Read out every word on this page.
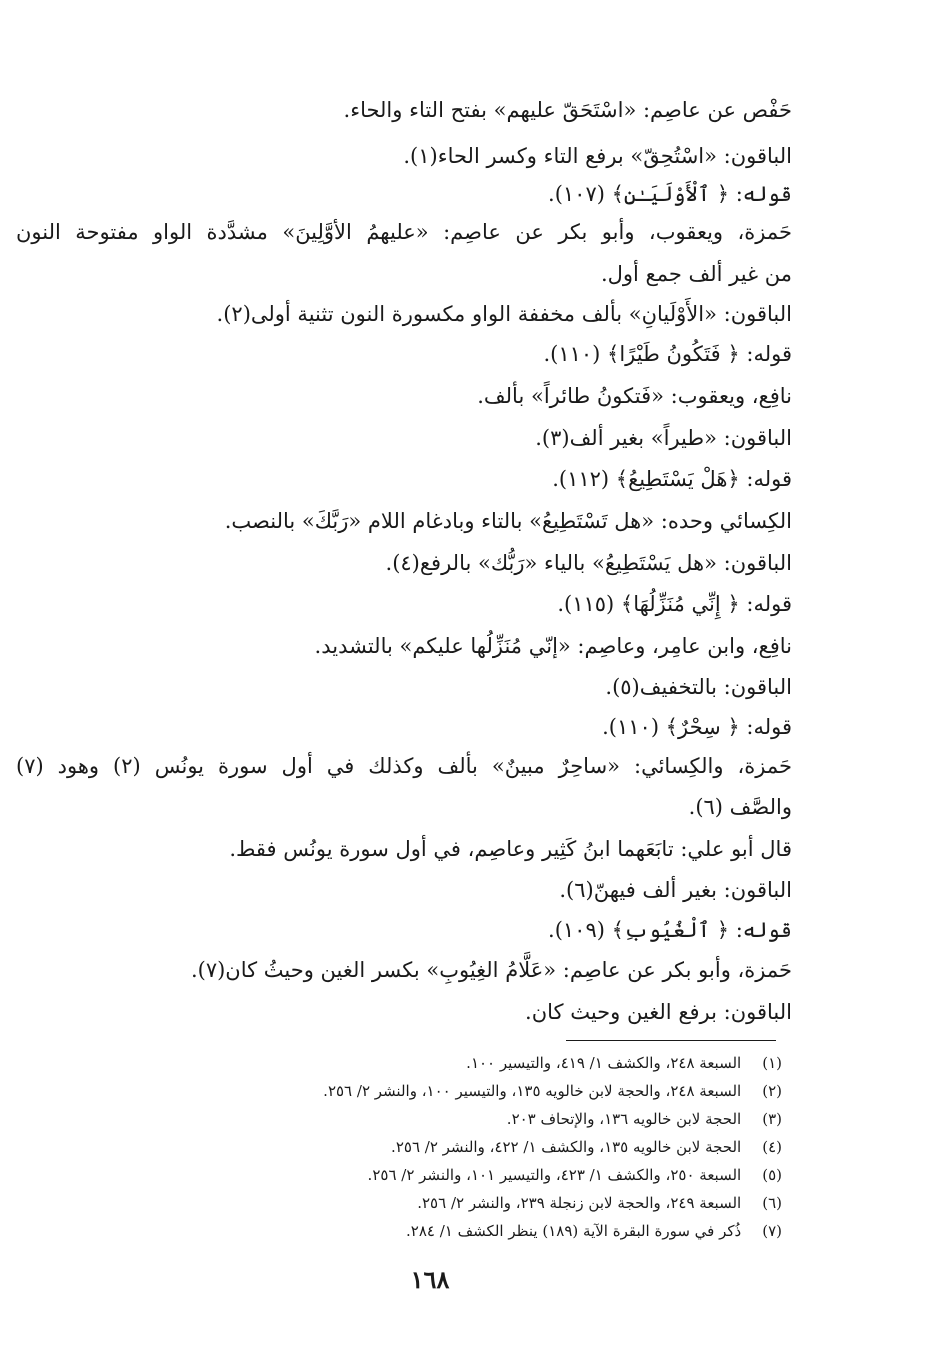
حَفْص عن عاصِم: «اسْتَحَقّ عليهم» بفتح التاء والحاء.
الباقون: «اسْتُحِقّ» برفع التاء وكسر الحاء(١).
قوله: ﴿ ٱلْأَوْلَيَـٰنِ﴾ (١٠٧).
حَمزة، ويعقوب، وأبو بكر عن عاصِم: «عليهمُ الأوَّلِينَ» مشدَّدة الواو مفتوحة النون
من غير ألف جمع أول.
الباقون: «الأَوْلَيانِ» بألف مخففة الواو مكسورة النون تثنية أولى(٢).
قوله: ﴿ فَتَكُونُ طَيْرًا﴾ (١١٠).
نافِع، ويعقوب: «فَتكونُ طائراً» بألف.
الباقون: «طيراً» بغير ألف(٣).
قوله: ﴿هَلْ يَسْتَطِيعُ﴾ (١١٢).
الكِسائي وحده: «هل تَسْتَطِيعُ» بالتاء وبادغام اللام «رَبَّكَ» بالنصب.
الباقون: «هل يَسْتَطِيعُ» بالياء «رَبُّك» بالرفع(٤).
قوله: ﴿ إِنِّي مُنَزِّلُهَا﴾ (١١٥).
نافِع، وابن عامِر، وعاصِم: «إنّي مُنَزِّلُها عليكم» بالتشديد.
الباقون: بالتخفيف(٥).
قوله: ﴿ سِحْرٌ﴾ (١١٠).
حَمزة، والكِسائي: «ساحِرٌ مبينٌ» بألف وكذلك في أول سورة يونُس (٢) وهود (٧)
والصَّف (٦).
قال أبو علي: تابَعَهما ابنُ كَثِير وعاصِم، في أول سورة يونُس فقط.
الباقون: بغير ألف فيهنّ(٦).
قوله: ﴿ ٱلْغُيُوبِ﴾ (١٠٩).
حَمزة، وأبو بكر عن عاصِم: «عَلَّامُ الغِيُوبِ» بكسر الغين وحيثُ كان(٧).
الباقون: برفع الغين وحيث كان.
(١) السبعة ٢٤٨، والكشف ١/ ٤١٩، والتيسير ١٠٠.
(٢) السبعة ٢٤٨، والحجة لابن خالويه ١٣٥، والتيسير ١٠٠، والنشر ٢/ ٢٥٦.
(٣) الحجة لابن خالويه ١٣٦، والإتحاف ٢٠٣.
(٤) الحجة لابن خالويه ١٣٥، والكشف ١/ ٤٢٢، والنشر ٢/ ٢٥٦.
(٥) السبعة ٢٥٠، والكشف ١/ ٤٢٣، والتيسير ١٠١، والنشر ٢/ ٢٥٦.
(٦) السبعة ٢٤٩، والحجة لابن زنجلة ٢٣٩، والنشر ٢/ ٢٥٦.
(٧) ذُكر في سورة البقرة الآية (١٨٩) ينظر الكشف ١/ ٢٨٤.
١٦٨
